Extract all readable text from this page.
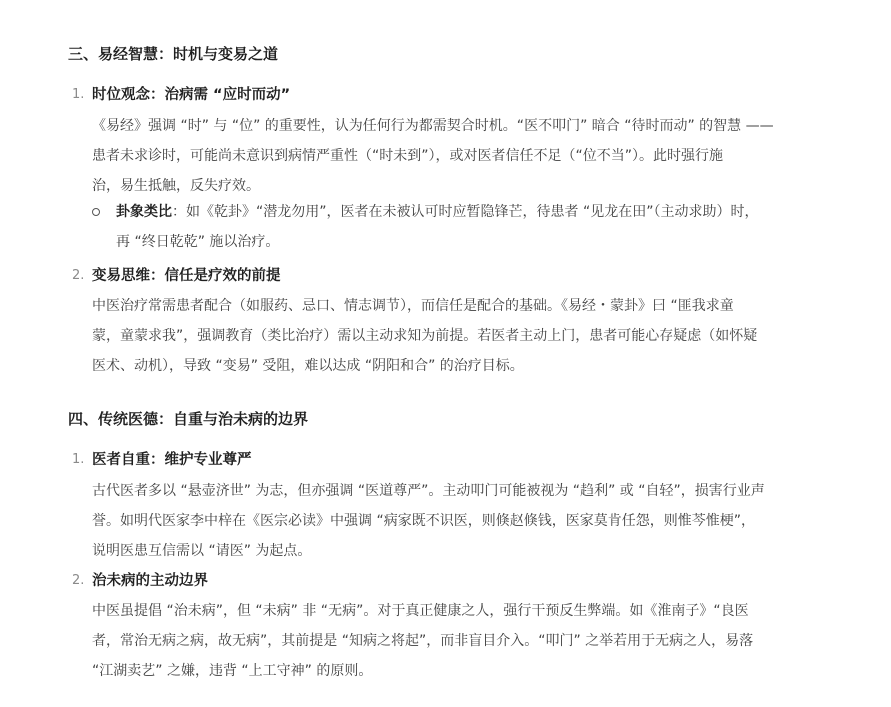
三、易经智慧：时机与变易之道
1. 时位观念：治病需 “应时而动”
《易经》强调 “时” 与 “位” 的重要性，认为任何行为都需契合时机。“医不叩门” 暗合 “待时而动” 的智慧 ——
患者未求诊时，可能尚未意识到病情严重性（“时未到”），或对医者信任不足（“位不当”）。此时强行施
治，易生抵触，反失疗效。
卦象类比：如《乾卦》“潜龙勿用”，医者在未被认可时应暂隐锋芒，待患者 “见龙在田”（主动求助）时，
再 “终日乾乾” 施以治疗。
2. 变易思维：信任是疗效的前提
中医治疗常需患者配合（如服药、忌口、情志调节），而信任是配合的基础。《易经・蒙卦》曰 “匪我求童
蒙，童蒙求我”，强调教育（类比治疗）需以主动求知为前提。若医者主动上门，患者可能心存疑虑（如怀疑
医术、动机），导致 “变易” 受阻，难以达成 “阴阳和合” 的治疗目标。
四、传统医德：自重与治未病的边界
1. 医者自重：维护专业尊严
古代医者多以 “悬壶济世” 为志，但亦强调 “医道尊严”。主动叩门可能被视为 “趋利” 或 “自轻”，损害行业声
誉。如明代医家李中梓在《医宗必读》中强调 “病家既不识医，则倏赵倏钱，医家莫肯任怨，则惟芩惟梗”，
说明医患互信需以 “请医” 为起点。
2. 治未病的主动边界
中医虽提倡 “治未病”，但 “未病” 非 “无病”。对于真正健康之人，强行干预反生弊端。如《淮南子》“良医
者，常治无病之病，故无病”，其前提是 “知病之将起”，而非盲目介入。“叩门” 之举若用于无病之人，易落
“江湖卖艺” 之嫌，违背 “上工守神” 的原则。
